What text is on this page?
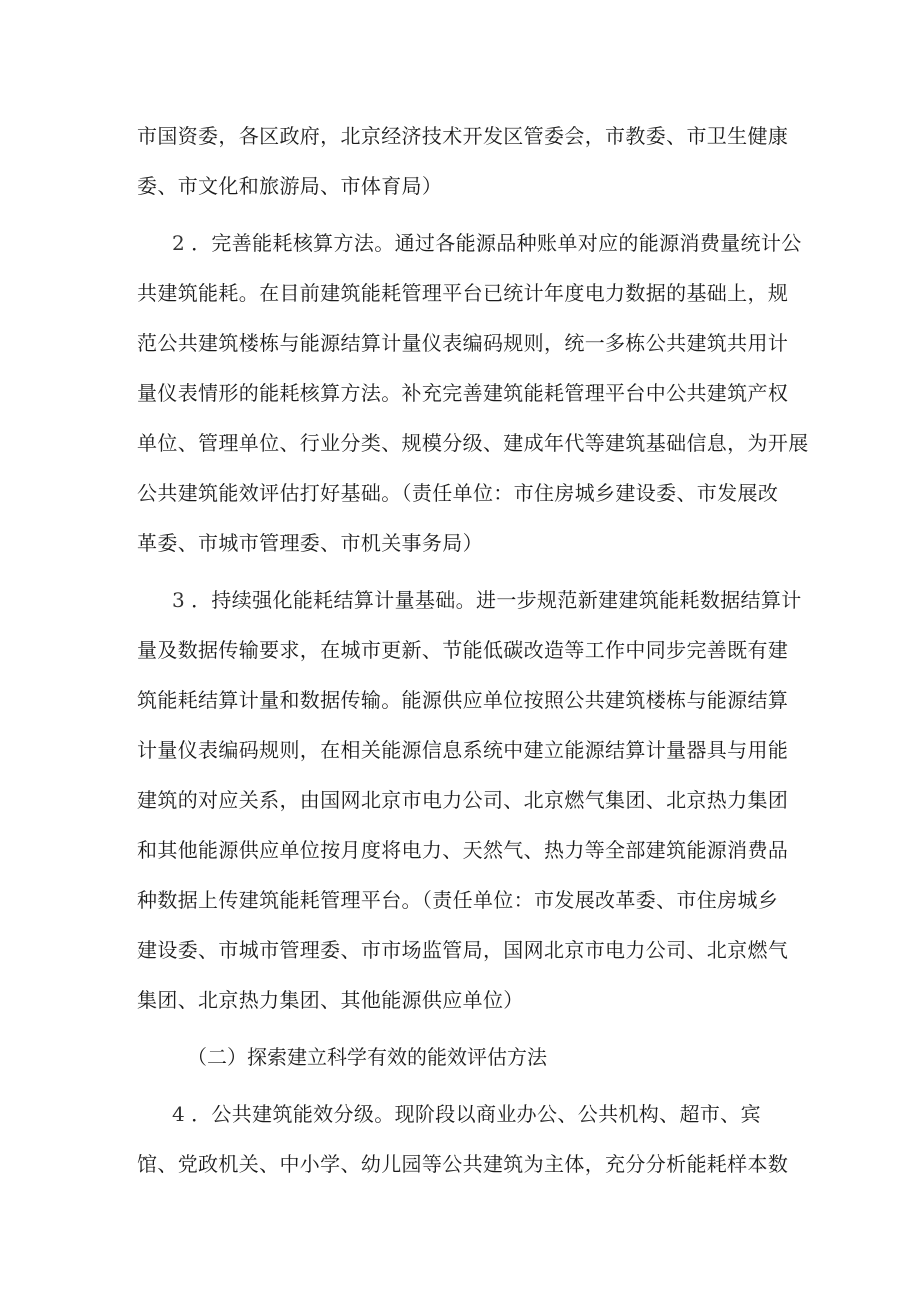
市国资委，各区政府，北京经济技术开发区管委会，市教委、市卫生健康
委、市文化和旅游局、市体育局）
2 ．完善能耗核算方法。通过各能源品种账单对应的能源消费量统计公
共建筑能耗。在目前建筑能耗管理平台已统计年度电力数据的基础上，规
范公共建筑楼栋与能源结算计量仪表编码规则，统一多栋公共建筑共用计
量仪表情形的能耗核算方法。补充完善建筑能耗管理平台中公共建筑产权
单位、管理单位、行业分类、规模分级、建成年代等建筑基础信息，为开展
公共建筑能效评估打好基础。（责任单位：市住房城乡建设委、市发展改
革委、市城市管理委、市机关事务局）
3 ．持续强化能耗结算计量基础。进一步规范新建建筑能耗数据结算计
量及数据传输要求，在城市更新、节能低碳改造等工作中同步完善既有建
筑能耗结算计量和数据传输。能源供应单位按照公共建筑楼栋与能源结算
计量仪表编码规则，在相关能源信息系统中建立能源结算计量器具与用能
建筑的对应关系，由国网北京市电力公司、北京燃气集团、北京热力集团
和其他能源供应单位按月度将电力、天然气、热力等全部建筑能源消费品
种数据上传建筑能耗管理平台。（责任单位：市发展改革委、市住房城乡
建设委、市城市管理委、市市场监管局，国网北京市电力公司、北京燃气
集团、北京热力集团、其他能源供应单位）
（二）探索建立科学有效的能效评估方法
4 ．公共建筑能效分级。现阶段以商业办公、公共机构、超市、宾
馆、党政机关、中小学、幼儿园等公共建筑为主体，充分分析能耗样本数
